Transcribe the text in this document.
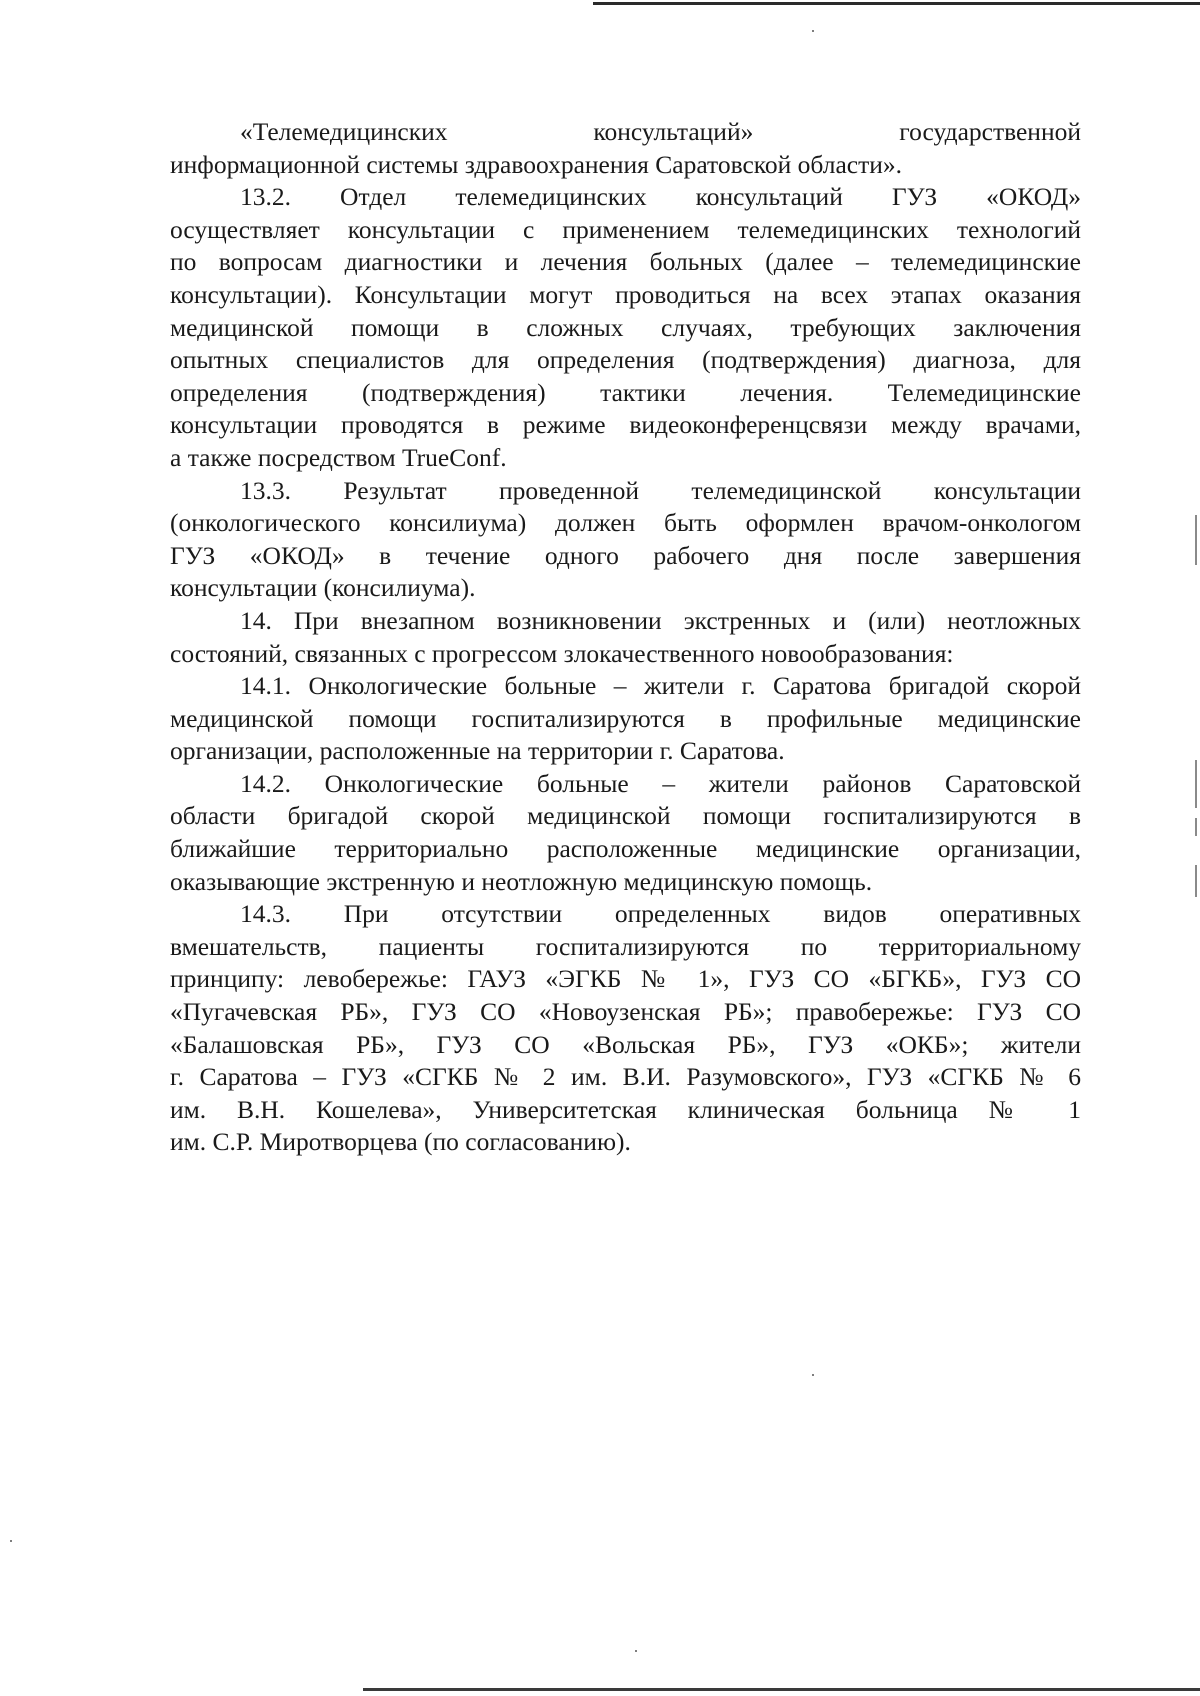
«Телемедицинских консультаций» государственной
информационной системы здравоохранения Саратовской области».
13.2. Отдел телемедицинских консультаций ГУЗ «ОКОД»
осуществляет консультации с применением телемедицинских технологий
по вопросам диагностики и лечения больных (далее – телемедицинские
консультации). Консультации могут проводиться на всех этапах оказания
медицинской помощи в сложных случаях, требующих заключения
опытных специалистов для определения (подтверждения) диагноза, для
определения (подтверждения) тактики лечения. Телемедицинские
консультации проводятся в режиме видеоконференцсвязи между врачами,
а также посредством TrueConf.
13.3. Результат проведенной телемедицинской консультации
(онкологического консилиума) должен быть оформлен врачом-онкологом
ГУЗ «ОКОД» в течение одного рабочего дня после завершения
консультации (консилиума).
14. При внезапном возникновении экстренных и (или) неотложных
состояний, связанных с прогрессом злокачественного новообразования:
14.1. Онкологические больные – жители г. Саратова бригадой скорой
медицинской помощи госпитализируются в профильные медицинские
организации, расположенные на территории г. Саратова.
14.2. Онкологические больные – жители районов Саратовской
области бригадой скорой медицинской помощи госпитализируются в
ближайшие территориально расположенные медицинские организации,
оказывающие экстренную и неотложную медицинскую помощь.
14.3. При отсутствии определенных видов оперативных
вмешательств, пациенты госпитализируются по территориальному
принципу: левобережье: ГАУЗ «ЭГКБ № 1», ГУЗ СО «БГКБ», ГУЗ СО
«Пугачевская РБ», ГУЗ СО «Новоузенская РБ»; правобережье: ГУЗ СО
«Балашовская РБ», ГУЗ СО «Вольская РБ», ГУЗ «ОКБ»; жители
г. Саратова – ГУЗ «СГКБ № 2 им. В.И. Разумовского», ГУЗ «СГКБ № 6
им. В.Н. Кошелева», Университетская клиническая больница № 1
им. С.Р. Миротворцева (по согласованию).
